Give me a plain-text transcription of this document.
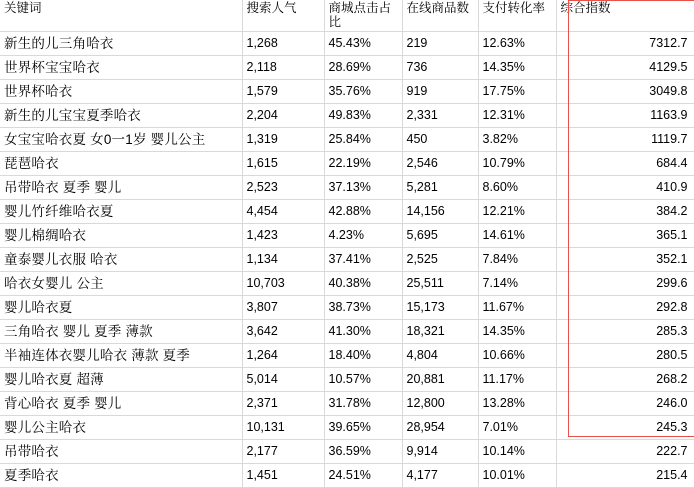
关键词	搜索人气	商城点击占比	在线商品数	支付转化率	综合指数
新生的儿三角哈衣	1,268	45.43%	219	12.63%	7312.7
世界杯宝宝哈衣	2,118	28.69%	736	14.35%	4129.5
世界杯哈衣	1,579	35.76%	919	17.75%	3049.8
新生的儿宝宝夏季哈衣	2,204	49.83%	2,331	12.31%	1163.9
女宝宝哈衣夏 女0一1岁 婴儿公主	1,319	25.84%	450	3.82%	1119.7
琵琶哈衣	1,615	22.19%	2,546	10.79%	684.4
吊带哈衣 夏季 婴儿	2,523	37.13%	5,281	8.60%	410.9
婴儿竹纤维哈衣夏	4,454	42.88%	14,156	12.21%	384.2
婴儿棉绸哈衣	1,423	4.23%	5,695	14.61%	365.1
童泰婴儿衣服 哈衣	1,134	37.41%	2,525	7.84%	352.1
哈衣女婴儿 公主	10,703	40.38%	25,511	7.14%	299.6
婴儿哈衣夏	3,807	38.73%	15,173	11.67%	292.8
三角哈衣 婴儿 夏季 薄款	3,642	41.30%	18,321	14.35%	285.3
半袖连体衣婴儿哈衣 薄款 夏季	1,264	18.40%	4,804	10.66%	280.5
婴儿哈衣夏 超薄	5,014	10.57%	20,881	11.17%	268.2
背心哈衣 夏季 婴儿	2,371	31.78%	12,800	13.28%	246.0
婴儿公主哈衣	10,131	39.65%	28,954	7.01%	245.3
吊带哈衣	2,177	36.59%	9,914	10.14%	222.7
夏季哈衣	1,451	24.51%	4,177	10.01%	215.4
